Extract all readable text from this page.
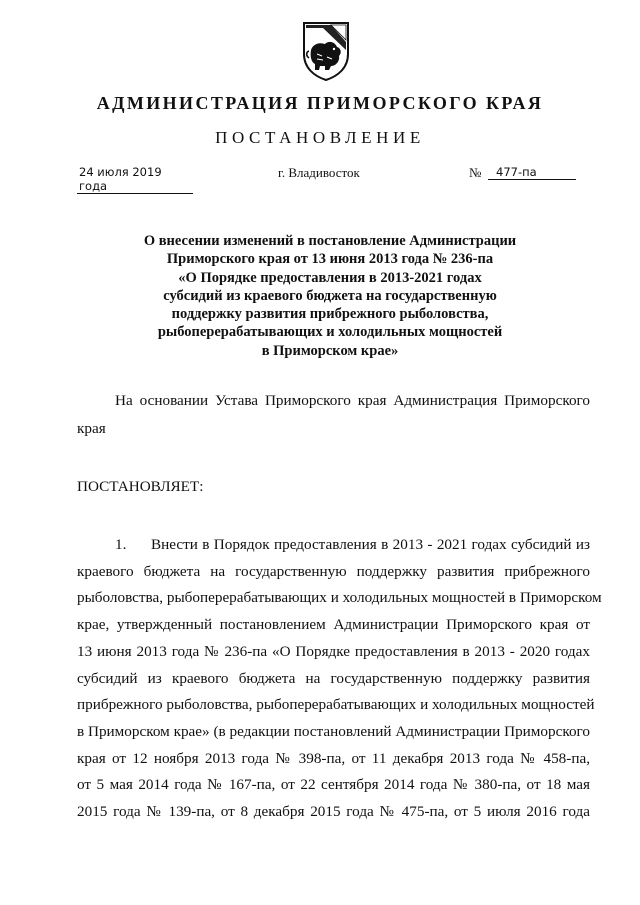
АДМИНИСТРАЦИЯ ПРИМОРСКОГО КРАЯ
ПОСТАНОВЛЕНИЕ
24 июля 2019 года
г. Владивосток	№	477-па
О внесении изменений в постановление Администрации
Приморского края от 13 июня 2013 года № 236-па
«О Порядке предоставления в 2013-2021 годах
субсидий из краевого бюджета на государственную
поддержку развития прибрежного рыболовства,
рыбоперерабатывающих и холодильных мощностей
в Приморском крае»
На основании Устава Приморского края Администрация Приморского
края
ПОСТАНОВЛЯЕТ:
1. Внести в Порядок предоставления в 2013 - 2021 годах субсидий из
краевого бюджета на государственную поддержку развития прибрежного
рыболовства, рыбоперерабатывающих и холодильных мощностей в Приморском
крае, утвержденный постановлением Администрации Приморского края от
13 июня 2013 года № 236-па «О Порядке предоставления в 2013 - 2020 годах
субсидий из краевого бюджета на государственную поддержку развития
прибрежного рыболовства, рыбоперерабатывающих и холодильных мощностей
в Приморском крае» (в редакции постановлений Администрации Приморского
края от 12 ноября 2013 года № 398-па, от 11 декабря 2013 года № 458-па,
от 5 мая 2014 года № 167-па, от 22 сентября 2014 года № 380-па, от 18 мая
2015 года № 139-па, от 8 декабря 2015 года № 475-па, от 5 июля 2016 года
